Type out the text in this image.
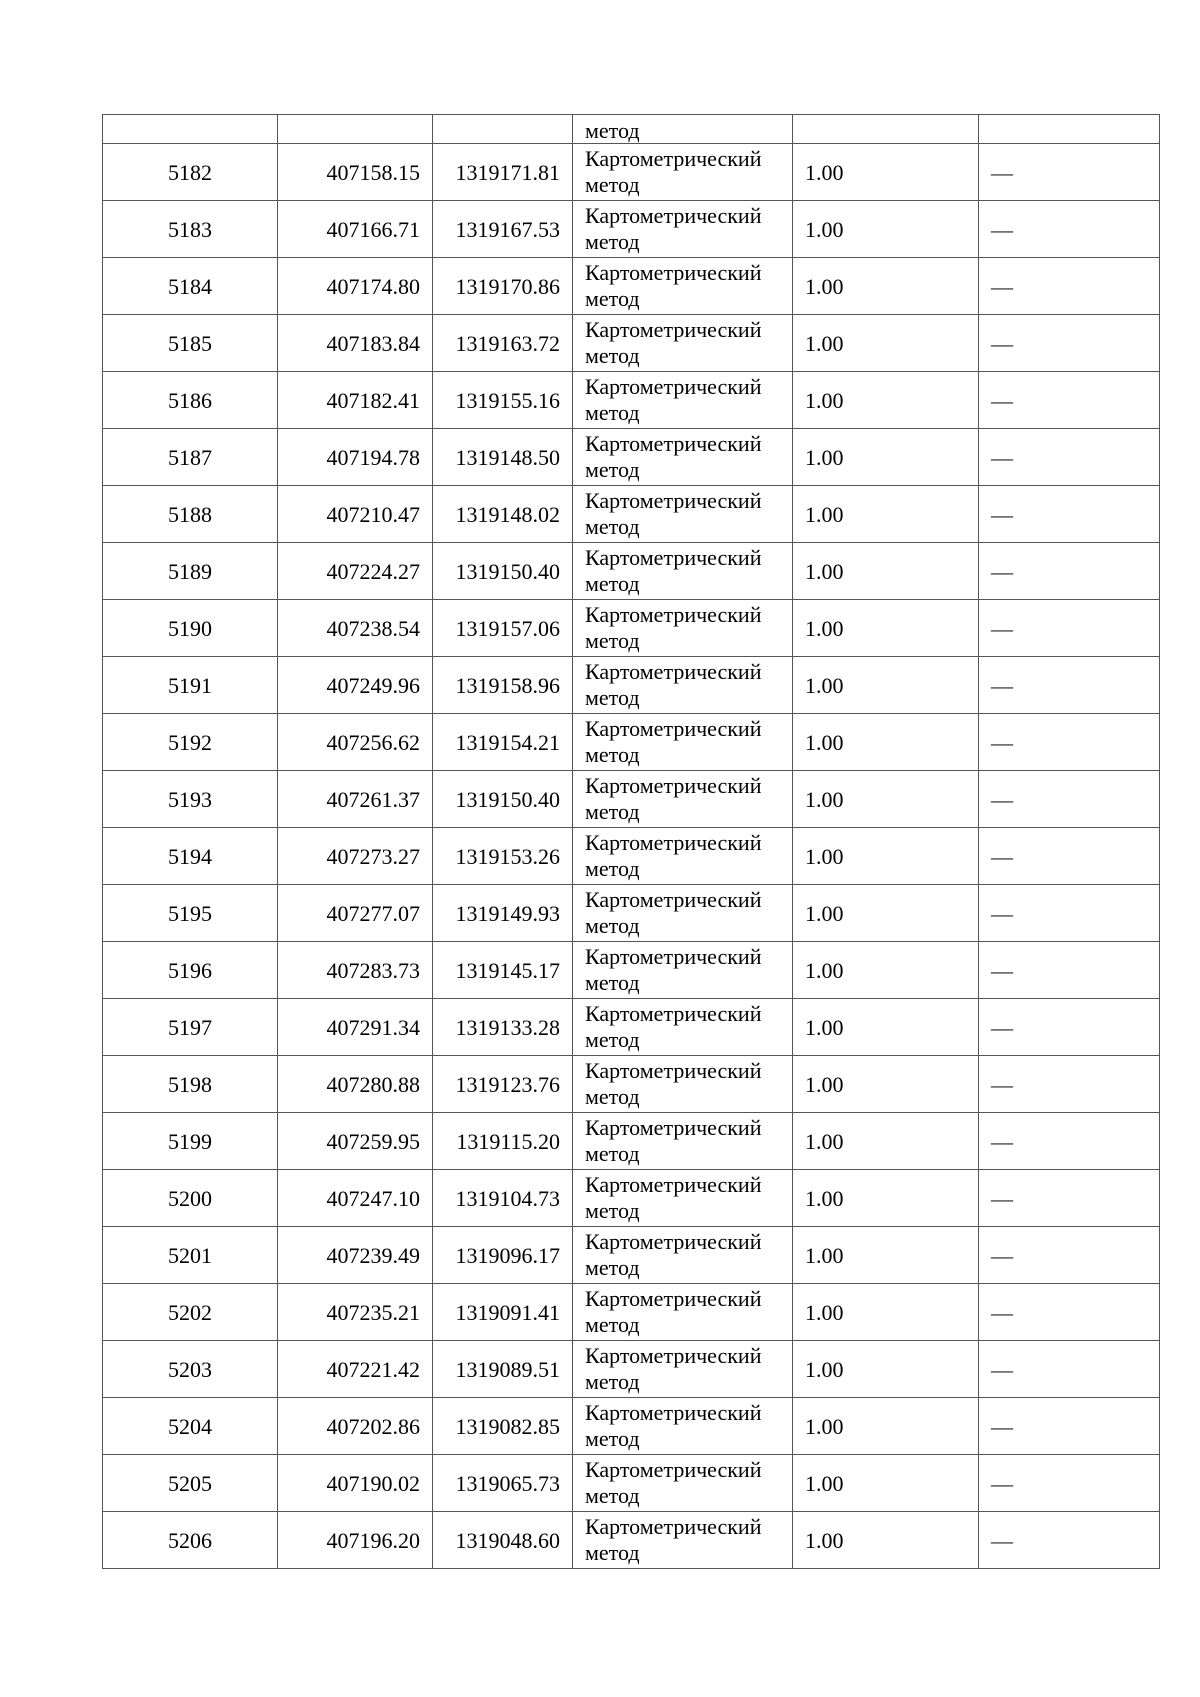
			метод		
5182	407158.15	1319171.81	Картометрический
метод	1.00	—
5183	407166.71	1319167.53	Картометрический
метод	1.00	—
5184	407174.80	1319170.86	Картометрический
метод	1.00	—
5185	407183.84	1319163.72	Картометрический
метод	1.00	—
5186	407182.41	1319155.16	Картометрический
метод	1.00	—
5187	407194.78	1319148.50	Картометрический
метод	1.00	—
5188	407210.47	1319148.02	Картометрический
метод	1.00	—
5189	407224.27	1319150.40	Картометрический
метод	1.00	—
5190	407238.54	1319157.06	Картометрический
метод	1.00	—
5191	407249.96	1319158.96	Картометрический
метод	1.00	—
5192	407256.62	1319154.21	Картометрический
метод	1.00	—
5193	407261.37	1319150.40	Картометрический
метод	1.00	—
5194	407273.27	1319153.26	Картометрический
метод	1.00	—
5195	407277.07	1319149.93	Картометрический
метод	1.00	—
5196	407283.73	1319145.17	Картометрический
метод	1.00	—
5197	407291.34	1319133.28	Картометрический
метод	1.00	—
5198	407280.88	1319123.76	Картометрический
метод	1.00	—
5199	407259.95	1319115.20	Картометрический
метод	1.00	—
5200	407247.10	1319104.73	Картометрический
метод	1.00	—
5201	407239.49	1319096.17	Картометрический
метод	1.00	—
5202	407235.21	1319091.41	Картометрический
метод	1.00	—
5203	407221.42	1319089.51	Картометрический
метод	1.00	—
5204	407202.86	1319082.85	Картометрический
метод	1.00	—
5205	407190.02	1319065.73	Картометрический
метод	1.00	—
5206	407196.20	1319048.60	Картометрический
метод	1.00	—
